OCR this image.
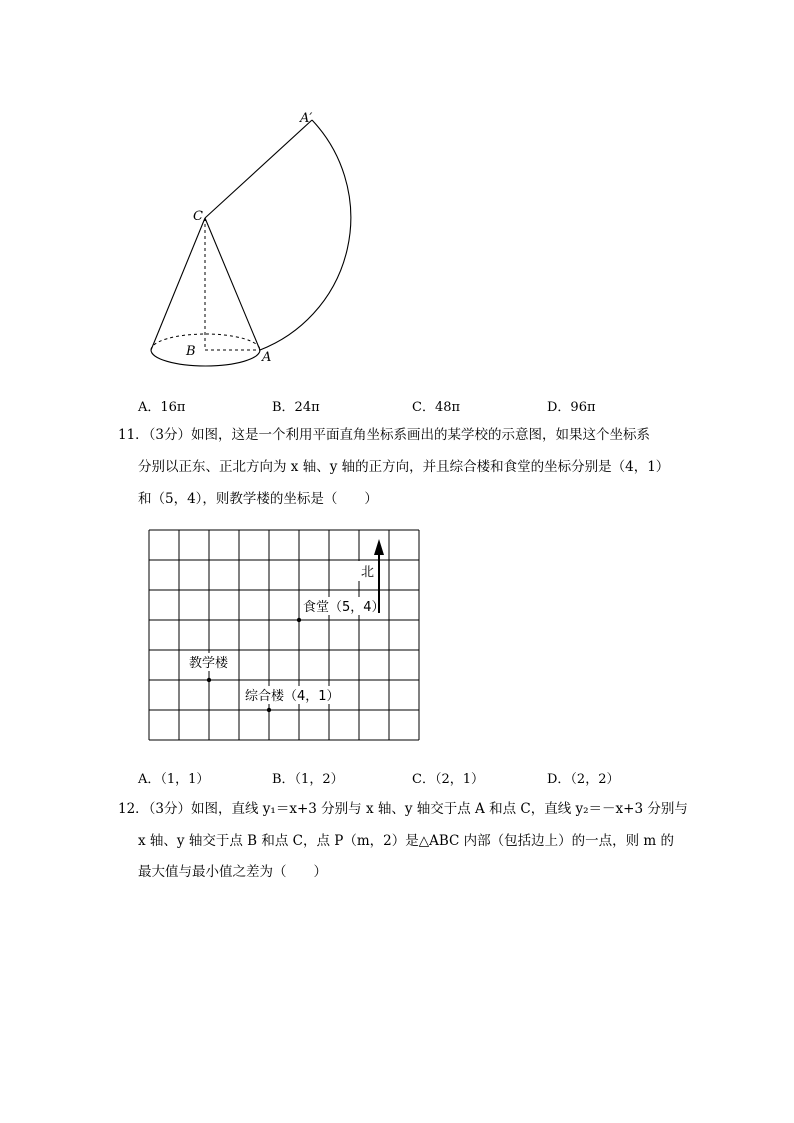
A′
C
B	A
A．16π	B．24π	C．48π	D．96π
11．（3分）如图，这是一个利用平面直角坐标系画出的某学校的示意图，如果这个坐标系
分别以正东、正北方向为 x 轴、y 轴的正方向，并且综合楼和食堂的坐标分别是（4，1）
和（5，4），则教学楼的坐标是（　　）
北
食堂（5，4）
教学楼
综合楼（4，1）
A．（1，1）	B．（1，2）	C．（2，1）	D．（2，2）
12．（3分）如图，直线 y₁＝x+3 分别与 x 轴、y 轴交于点 A 和点 C，直线 y₂＝－x+3 分别与
x 轴、y 轴交于点 B 和点 C，点 P（m，2）是△ABC 内部（包括边上）的一点，则 m 的
最大值与最小值之差为（　　）
